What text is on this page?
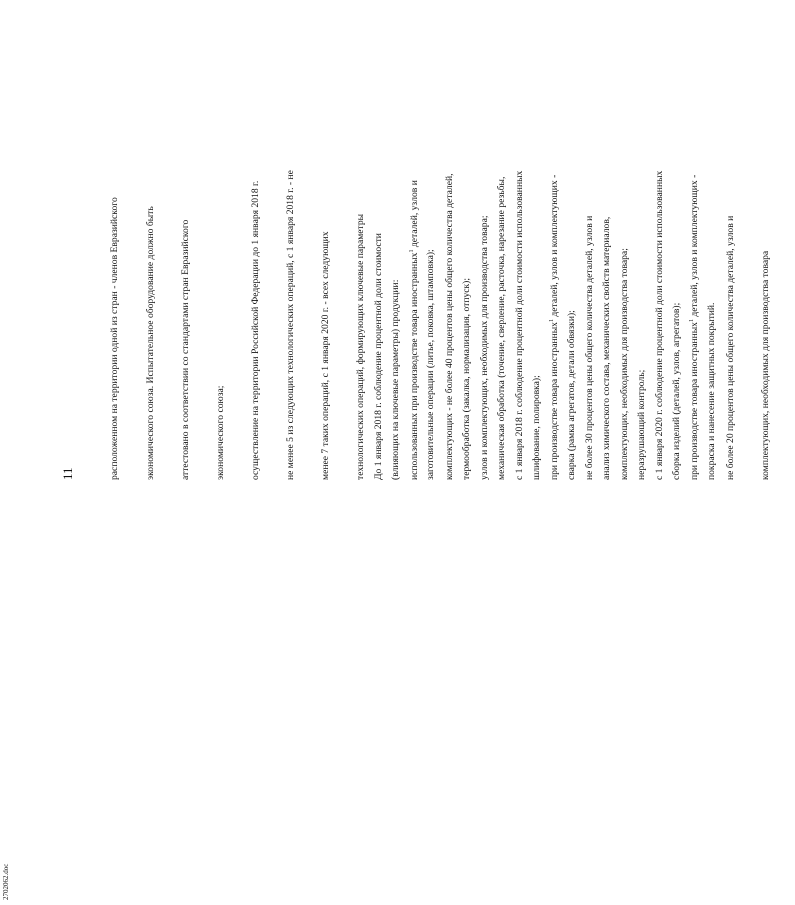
11

	расположенном на территории одной из стран - членов Евразийского

	экономического союза. Испытательное оборудование должно быть

	аттестовано в соответствии со стандартами стран Евразийского

	экономического союза;

	осуществление на территории Российской Федерации до 1 января 2018 г.

	не менее 5 из следующих технологических операций, с 1 января 2018 г. - не

	менее 7 таких операций, с 1 января 2020 г. - всех следующих

	технологических операций, формирующих ключевые параметры

	(влияющих на ключевые параметры) продукции:

	заготовительные операции (литье, поковка, штамповка);

	термообработка (закалка, нормализация, отпуск);

	механическая обработка (точение, сверление, расточка, нарезание резьбы,

	шлифование, полировка);

	сварка (рамка агрегатов, детали обвязки);

	анализ химического состава, механических свойств материалов,

	неразрушающий контроль;

	сборка изделий (деталей, узлов, агрегатов);

	покраска и нанесение защитных покрытий.

До 1 января 2018 г. соблюдение процентной доли стоимости

	использованных при производстве товара иностранных$^1$ деталей, узлов и

	комплектующих - не более 40 процентов цены общего количества деталей,

	узлов и комплектующих, необходимых для производства товара;

	с 1 января 2018 г. соблюдение процентной доли стоимости использованных

	при производстве товара иностранных$^1$ деталей, узлов и комплектующих -

	не более 30 процентов цены общего количества деталей, узлов и

	комплектующих, необходимых для производства товара;

	с 1 января 2020 г. соблюдение процентной доли стоимости использованных

	при производстве товара иностранных$^1$ деталей, узлов и комплектующих -

	не более 20 процентов цены общего количества деталей, узлов и

	комплектующих, необходимых для производства товара

2702062.doc
